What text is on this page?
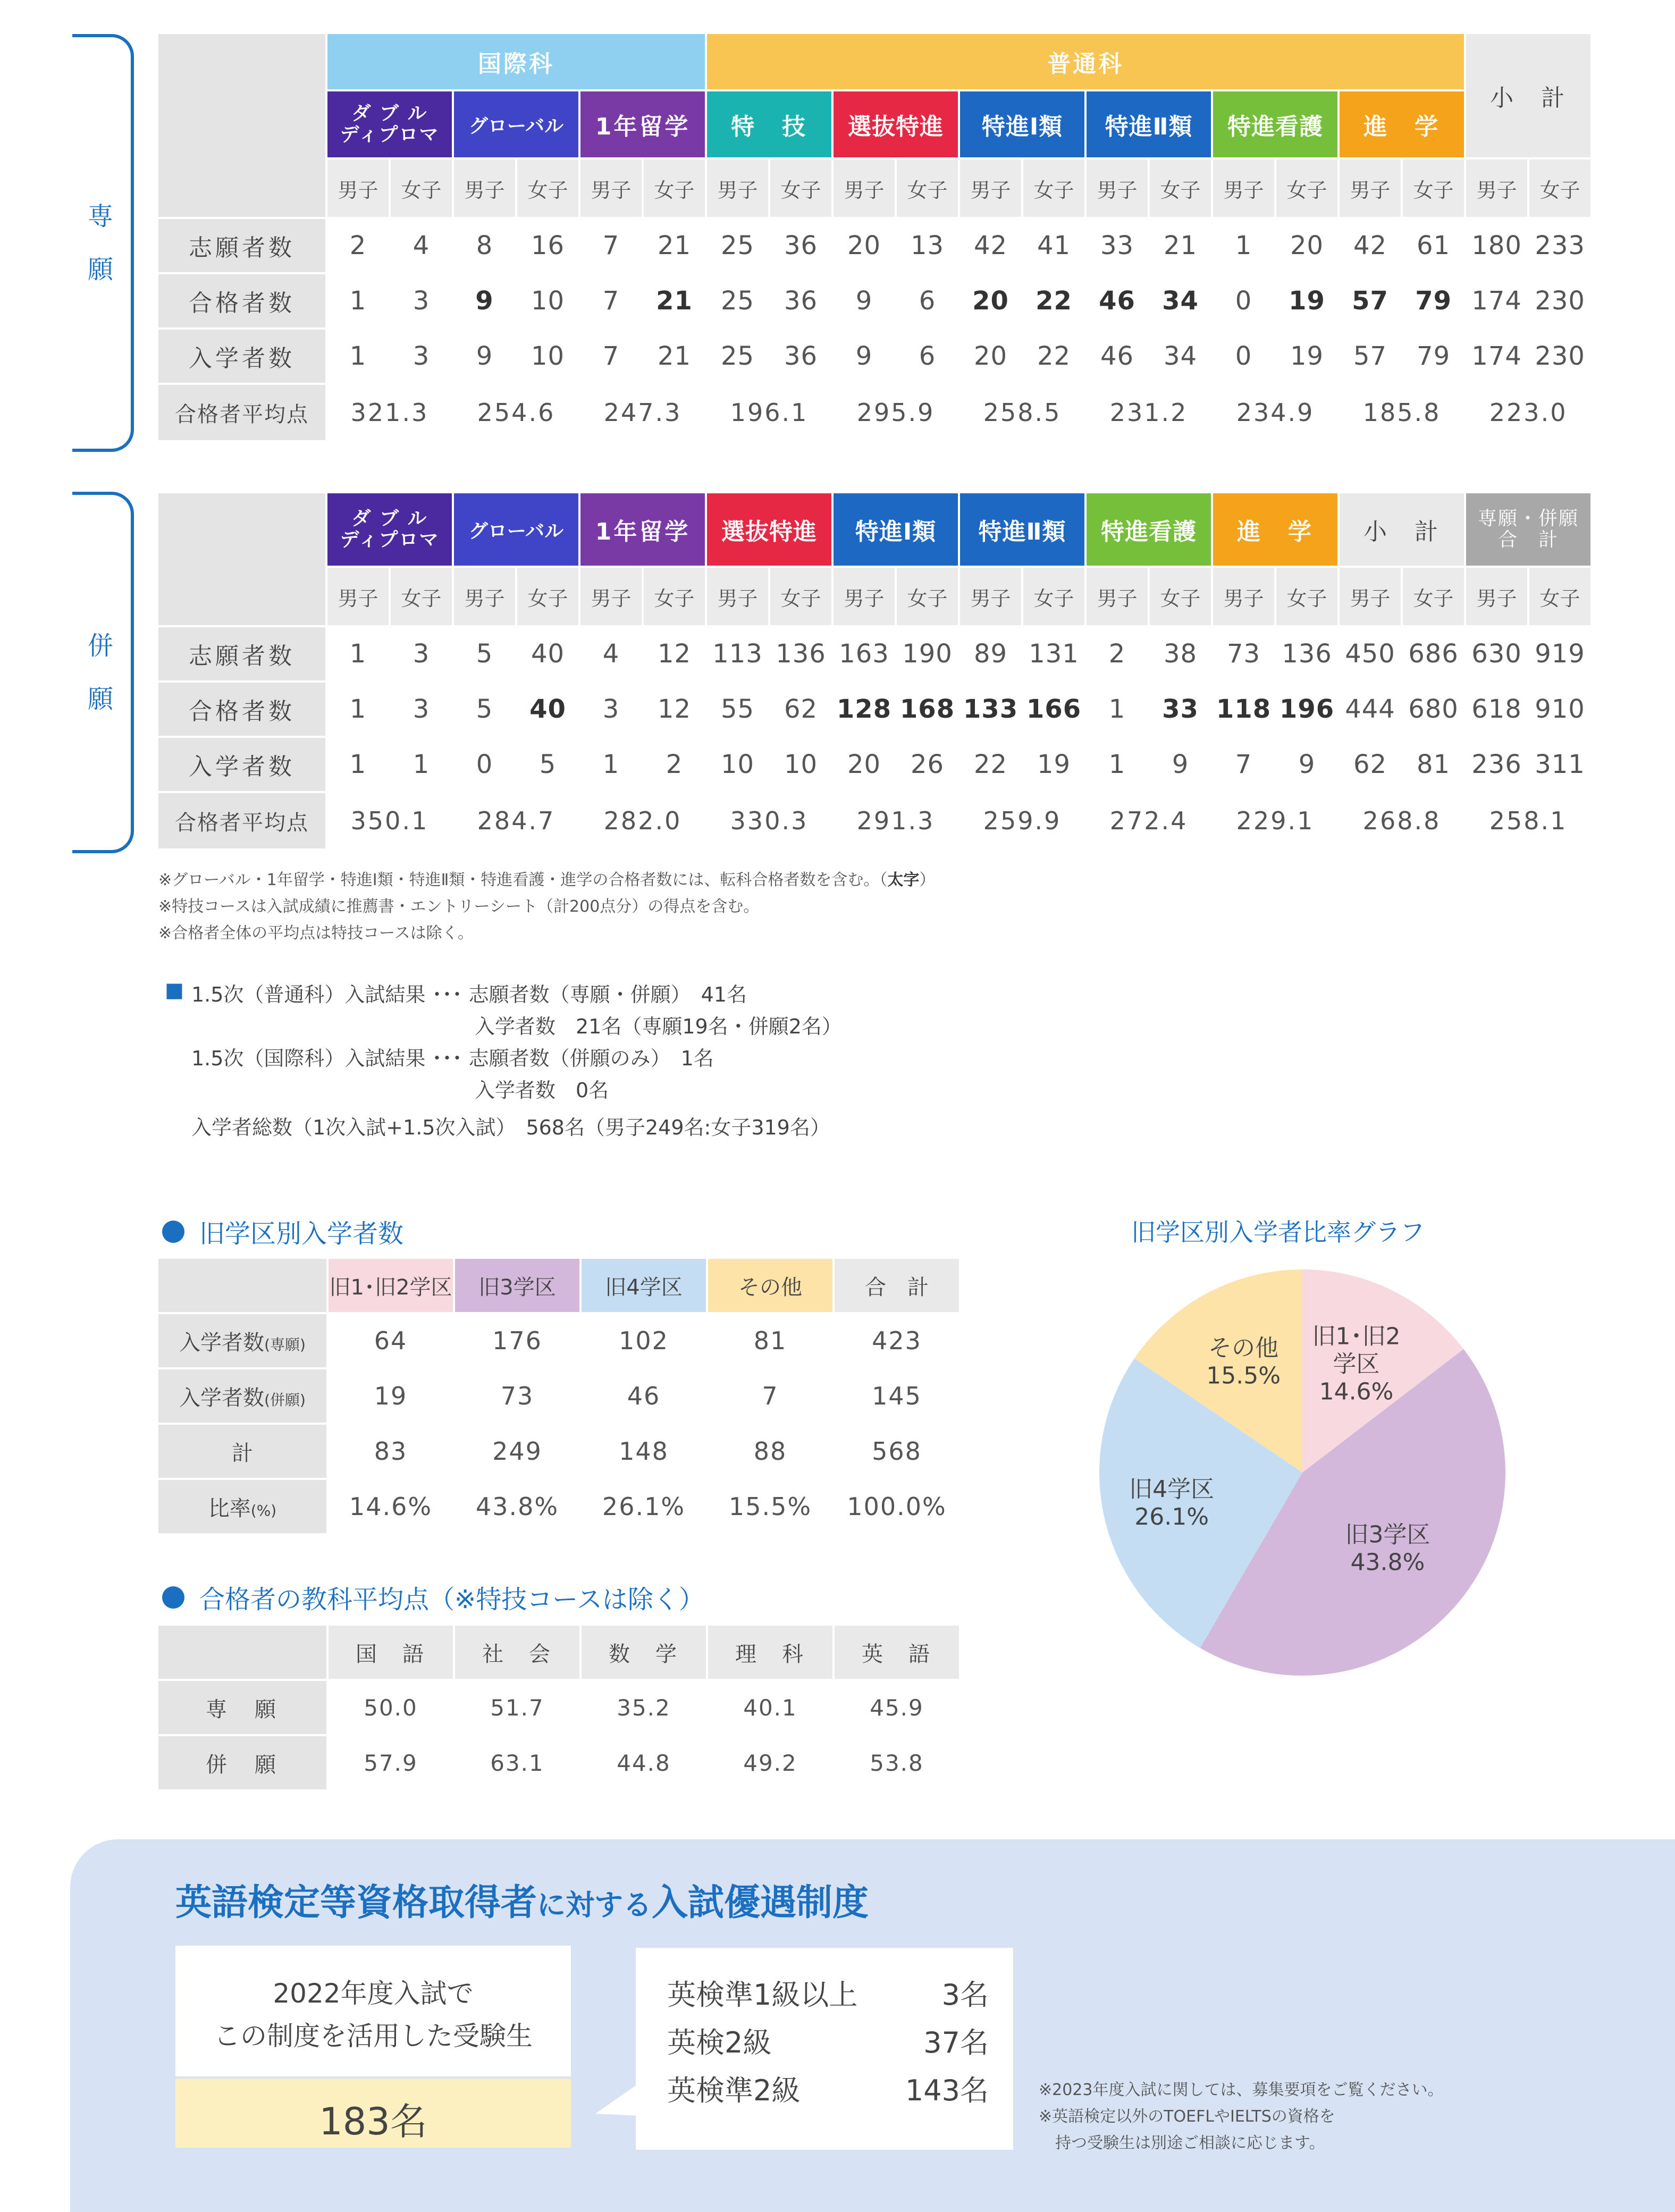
専
願
	国際科						普通科												小　計	
	ダ ブ ル
ディプロマ		グローバル		1年留学		特　技		選抜特進		特進Ⅰ類		特進Ⅱ類		特進看護		進　学			
	男子	女子	男子	女子	男子	女子	男子	女子	男子	女子	男子	女子	男子	女子	男子	女子	男子	女子	男子	女子
志願者数	2	4	8	16	7	21	25	36	20	13	42	41	33	21	1	20	42	61	180	233
合格者数	1	3	9	10	7	21	25	36	9	6	20	22	46	34	0	19	57	79	174	230
入学者数	1	3	9	10	7	21	25	36	9	6	20	22	46	34	0	19	57	79	174	230
合格者平均点	321.3		254.6		247.3		196.1		295.9		258.5		231.2		234.9		185.8		223.0	
併
願
	ダ ブ ル
ディプロマ		グローバル		1年留学		選抜特進		特進Ⅰ類		特進Ⅱ類		特進看護		進　学		小　計		専願・併願
合　計	
	男子	女子	男子	女子	男子	女子	男子	女子	男子	女子	男子	女子	男子	女子	男子	女子	男子	女子	男子	女子
志願者数	1	3	5	40	4	12	113	136	163	190	89	131	2	38	73	136	450	686	630	919
合格者数	1	3	5	40	3	12	55	62	128	168	133	166	1	33	118	196	444	680	618	910
入学者数	1	1	0	5	1	2	10	10	20	26	22	19	1	9	7	9	62	81	236	311
合格者平均点	350.1		284.7		282.0		330.3		291.3		259.9		272.4		229.1		268.8		258.1	
※グローバル・1年留学・特進Ⅰ類・特進Ⅱ類・特進看護・進学の合格者数には、転科合格者数を含む。（太字）
※特技コースは入試成績に推薦書・エントリーシート（計200点分）の得点を含む。
※合格者全体の平均点は特技コースは除く。
■ 1.5次（普通科）入試結果 ･･･ 志願者数（専願・併願）　41名
入学者数　21名（専願19名・併願2名）
1.5次（国際科）入試結果 ･･･ 志願者数（併願のみ）　1名
入学者数　0名
入学者総数（1次入試+1.5次入試）　568名（男子249名:女子319名）
旧学区別入学者数
	旧1･旧2学区	旧3学区	旧4学区	その他	合　計
入学者数(専願)	64	176	102	81	423
入学者数(併願)	19	73	46	7	145
計	83	249	148	88	568
比率(%)	14.6%	43.8%	26.1%	15.5%	100.0%
合格者の教科平均点（※特技コースは除く）
	国　語	社　会	数　学	理　科	英　語
専　願	50.0	51.7	35.2	40.1	45.9
併　願	57.9	63.1	44.8	49.2	53.8
旧学区別入学者比率グラフ
旧1･旧2
学区
14.6%
旧3学区
43.8%
旧4学区
26.1%
その他
15.5%
英語検定等資格取得者に対する入試優遇制度
2022年度入試で
この制度を活用した受験生
183名
英検準1級以上	3名
英検2級	37名
英検準2級	143名	※2023年度入試に関しては、募集要項をご覧ください。
※英語検定以外のTOEFLやIELTSの資格を
持つ受験生は別途ご相談に応じます。
